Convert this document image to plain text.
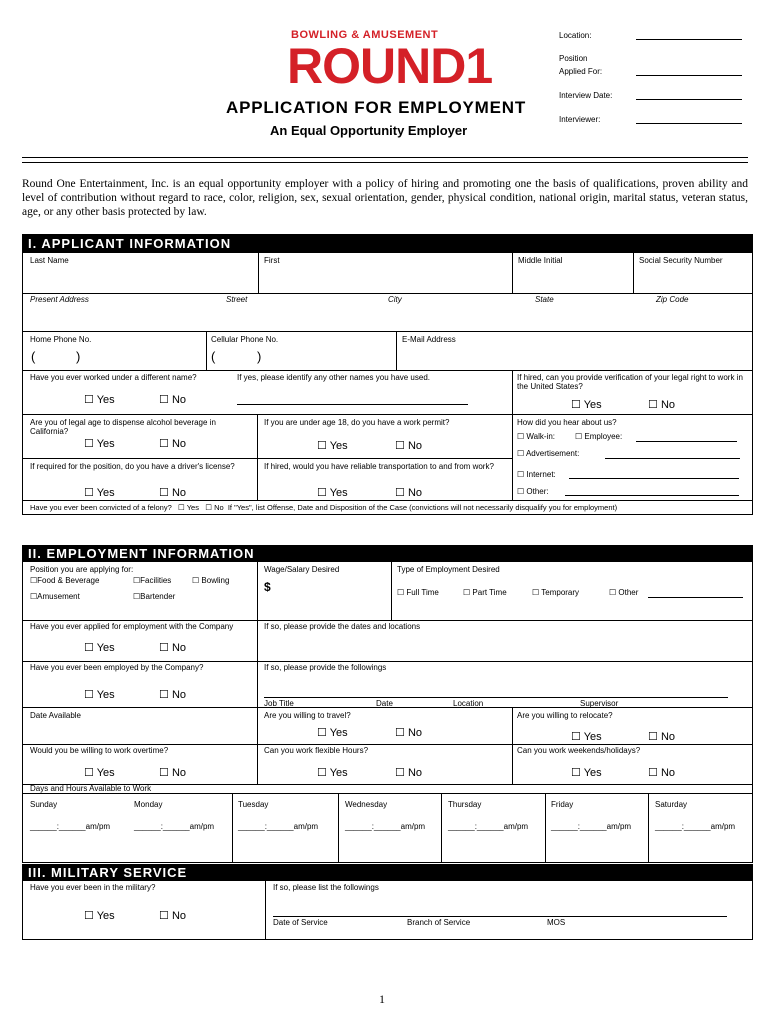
BOWLING & AMUSEMENT
ROUND1
APPLICATION FOR EMPLOYMENT
An Equal Opportunity Employer
Location:
Position
Applied For:
Interview Date:
Interviewer:
Round One Entertainment, Inc. is an equal opportunity employer with a policy of hiring and promoting one the basis of qualifications, proven ability and level of contribution without regard to race, color, religion, sex, sexual orientation, gender, physical condition, national origin, marital status, veteran status, age, or any other basis protected by law.
I. APPLICANT INFORMATION
Last Name	First	Middle Initial	Social Security Number
Present Address	Street	City	State	Zip Code
Home Phone No.
(	)
Cellular Phone No.
(	)
E-Mail Address
Have you ever worked under a different name?	If yes, please identify any other names you have used.
☐ Yes	☐ No
If hired, can you provide verification of your legal right to work in the United States?
☐ Yes	☐ No
Are you of legal age to dispense alcohol beverage in California?
☐ Yes	☐ No
If you are under age 18, do you have a work permit?
☐ Yes	☐ No
How did you hear about us?
☐ Walk-in:	☐ Employee:
☐ Advertisement:
☐ Internet:
☐ Other:
If required for the position, do you have a driver's license?
☐ Yes	☐ No
If hired, would you have reliable transportation to and from work?
☐ Yes	☐ No
Have you ever been convicted of a felony? ☐ Yes ☐ No If "Yes", list Offense, Date and Disposition of the Case (convictions will not necessarily disqualify you for employment)
II. EMPLOYMENT INFORMATION
Position you are applying for:
☐Food & Beverage	☐Facilities	☐ Bowling
☐Amusement	☐Bartender
Wage/Salary Desired
$
Type of Employment Desired
☐ Full Time	☐ Part Time	☐ Temporary	☐ Other
Have you ever applied for employment with the Company
☐ Yes	☐ No
If so, please provide the dates and locations
Have you ever been employed by the Company?
☐ Yes	☐ No
If so, please provide the followings
Job Title	Date	Location	Supervisor
Date Available	Are you willing to travel?
☐ Yes	☐ No
Are you willing to relocate?
☐ Yes	☐ No
Would you be willing to work overtime?
☐ Yes	☐ No
Can you work flexible Hours?
☐ Yes	☐ No
Can you work weekends/holidays?
☐ Yes	☐ No
Days and Hours Available to Work
Sunday	Monday	Tuesday	Wednesday	Thursday	Friday	Saturday
______:______am/pm	______:______am/pm	______:______am/pm	______:______am/pm	______:______am/pm	______:______am/pm	______:______am/pm
III. MILITARY SERVICE
Have you ever been in the military?
☐ Yes	☐ No
If so, please list the followings
Date of Service	Branch of Service	MOS
1
